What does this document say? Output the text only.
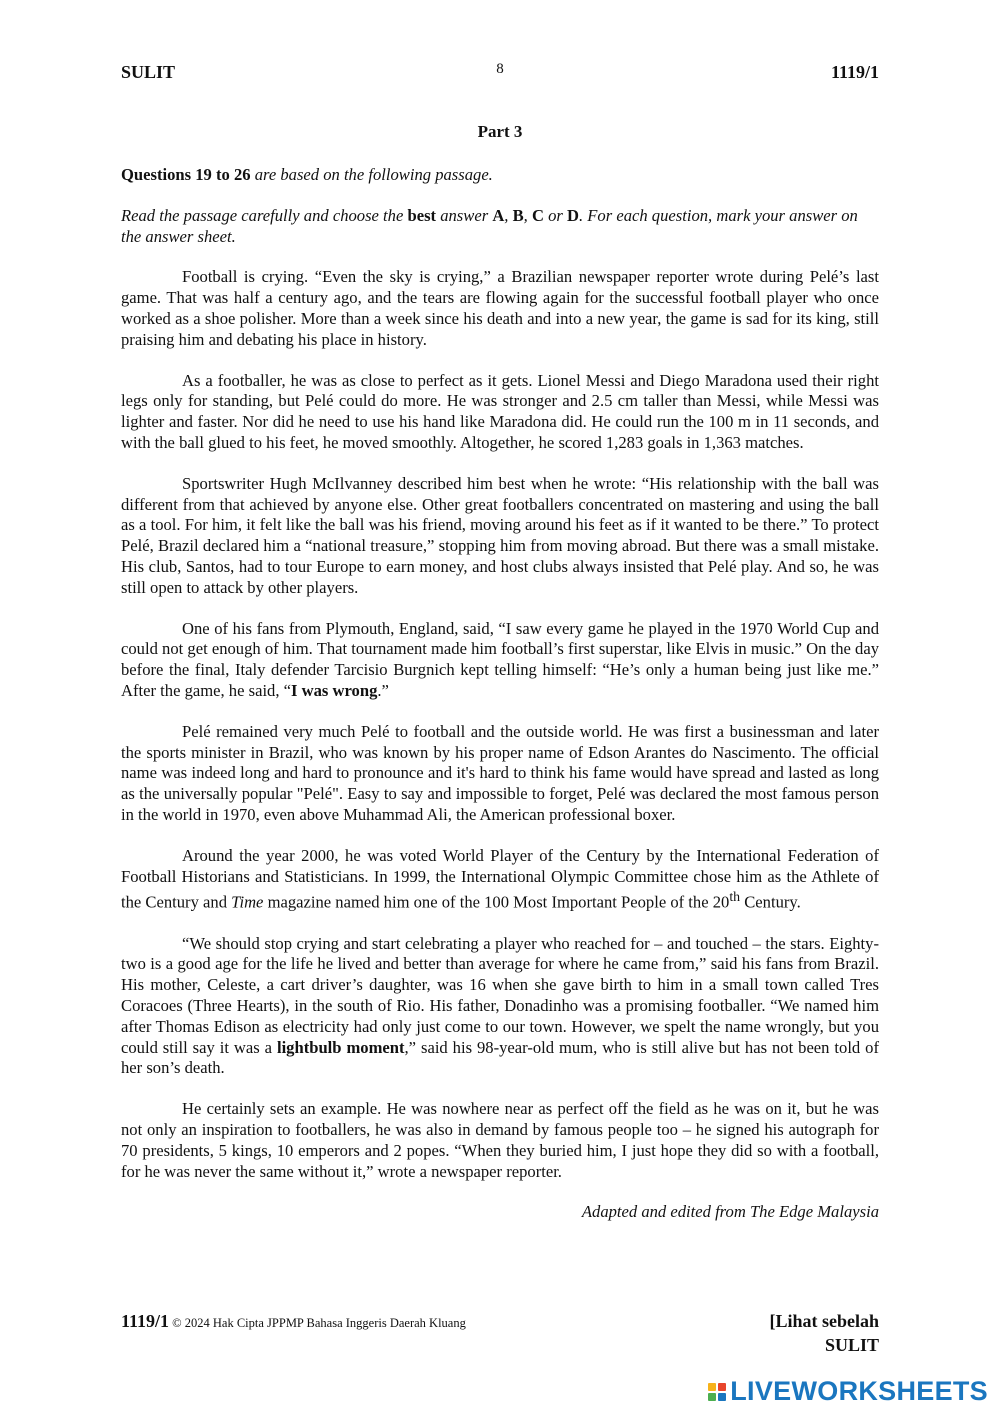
SULIT	8	1119/1
Part 3

Questions 19 to 26 are based on the following passage.

Read the passage carefully and choose the best answer A, B, C or D. For each question, mark your answer on the answer sheet.

Football is crying. “Even the sky is crying,” a Brazilian newspaper reporter wrote during Pelé’s last game. That was half a century ago, and the tears are flowing again for the successful football player who once worked as a shoe polisher. More than a week since his death and into a new year, the game is sad for its king, still praising him and debating his place in history.

As a footballer, he was as close to perfect as it gets. Lionel Messi and Diego Maradona used their right legs only for standing, but Pelé could do more. He was stronger and 2.5 cm taller than Messi, while Messi was lighter and faster. Nor did he need to use his hand like Maradona did. He could run the 100 m in 11 seconds, and with the ball glued to his feet, he moved smoothly. Altogether, he scored 1,283 goals in 1,363 matches.

Sportswriter Hugh McIlvanney described him best when he wrote: “His relationship with the ball was different from that achieved by anyone else. Other great footballers concentrated on mastering and using the ball as a tool. For him, it felt like the ball was his friend, moving around his feet as if it wanted to be there.” To protect Pelé, Brazil declared him a “national treasure,” stopping him from moving abroad. But there was a small mistake. His club, Santos, had to tour Europe to earn money, and host clubs always insisted that Pelé play. And so, he was still open to attack by other players.

One of his fans from Plymouth, England, said, “I saw every game he played in the 1970 World Cup and could not get enough of him. That tournament made him football’s first superstar, like Elvis in music.” On the day before the final, Italy defender Tarcisio Burgnich kept telling himself: “He’s only a human being just like me.” After the game, he said, “I was wrong.”

Pelé remained very much Pelé to football and the outside world. He was first a businessman and later the sports minister in Brazil, who was known by his proper name of Edson Arantes do Nascimento. The official name was indeed long and hard to pronounce and it's hard to think his fame would have spread and lasted as long as the universally popular "Pelé". Easy to say and impossible to forget, Pelé was declared the most famous person in the world in 1970, even above Muhammad Ali, the American professional boxer.

Around the year 2000, he was voted World Player of the Century by the International Federation of Football Historians and Statisticians. In 1999, the International Olympic Committee chose him as the Athlete of the Century and Time magazine named him one of the 100 Most Important People of the 20th Century.

“We should stop crying and start celebrating a player who reached for – and touched – the stars. Eighty-two is a good age for the life he lived and better than average for where he came from,” said his fans from Brazil. His mother, Celeste, a cart driver’s daughter, was 16 when she gave birth to him in a small town called Tres Coracoes (Three Hearts), in the south of Rio. His father, Donadinho was a promising footballer. “We named him after Thomas Edison as electricity had only just come to our town. However, we spelt the name wrongly, but you could still say it was a lightbulb moment,” said his 98-year-old mum, who is still alive but has not been told of her son’s death.

He certainly sets an example. He was nowhere near as perfect off the field as he was on it, but he was not only an inspiration to footballers, he was also in demand by famous people too – he signed his autograph for 70 presidents, 5 kings, 10 emperors and 2 popes. “When they buried him, I just hope they did so with a football, for he was never the same without it,” wrote a newspaper reporter.

Adapted and edited from The Edge Malaysia

1119/1 © 2024 Hak Cipta JPPMP Bahasa Inggeris Daerah Kluang	[Lihat sebelah
SULIT
LIVEWORKSHEETS
